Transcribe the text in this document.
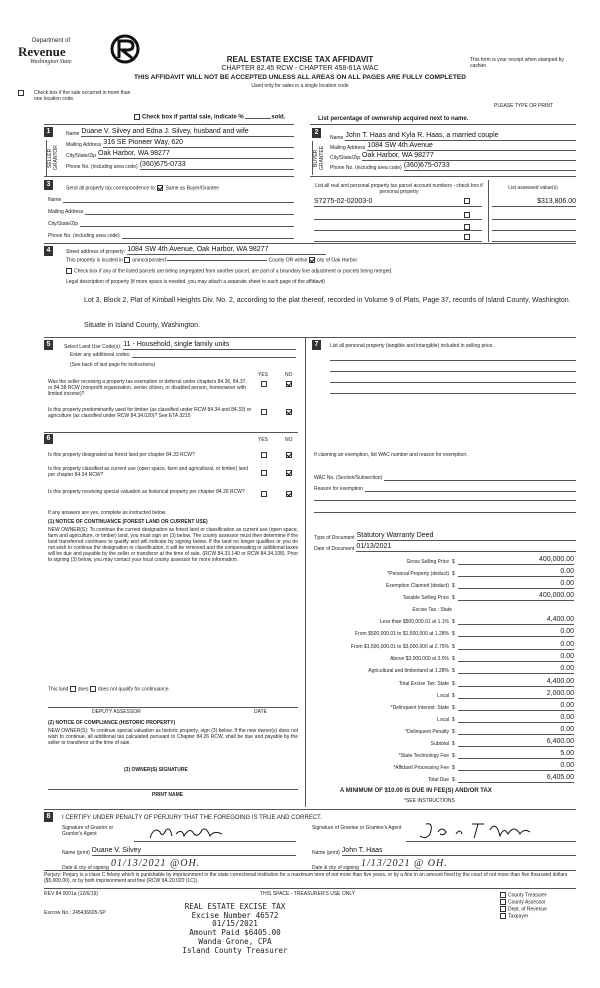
Department of
Revenue
Washington State	REAL ESTATE EXCISE TAX AFFIDAVIT
CHAPTER 82.45 RCW - CHAPTER 458-61A WAC
THIS AFFIDAVIT WILL NOT BE ACCEPTED UNLESS ALL AREAS ON ALL PAGES ARE FULLY COMPLETED
Used only for sales in a single location code
This form is your receipt when stamped by cashier.
Check box if the sale occurred in more than one location code.
PLEASE TYPE OR PRINT
Check box if partial sale, indicate %	sold.	List percentage of ownership acquired next to name.
1
SELLER GRANTOR
Name Duane V. Silvey and Edna J. Silvey, husband and wife
Mailing Address 316 SE Pioneer Way, 620
City/State/Zip Oak Harbor, WA 98277
Phone No. (including area code) (360)675-0733
2
BUYER GRANTEE
Name John T. Haas and Kyla R. Haas, a married couple
Mailing Address 1084 SW 4th Avenue
City/State/Zip Oak Harbor, WA 98277
Phone No. (including area code) (360)675-0733
3
Send all property tax correspondence to: Same as Buyer/Grantee
Name
Mailing Address
City/State/Zip
Phone No. (including area code)
List all real and personal property tax parcel account numbers - check box if personal property
List assessed value(s)
S7275-02-02003-0	$313,806.00
4	Street address of property: 1084 SW 4th Avenue, Oak Harbor, WA 98277
This property is located in unincorporated	County OR within city of Oak Harbor
Check box if any of the listed parcels are being segregated from another parcel, are part of a boundary line adjustment or parcels being merged.
Legal description of property (if more space is needed, you may attach a separate sheet to each page of the affidavit)
Lot 3, Block 2, Plat of Kimball Heights Div. No. 2, according to the plat thereof, recorded in Volume 9 of Plats, Page 37, records of Island County, Washington.
Situate in Island County, Washington.
5	Select Land Use Code(s): 11 - Household, single family units
Enter any additional codes:
(See back of last page for instructions)
YES	NO
Was the seller receiving a property tax exemption or deferral under chapters 84.36, 84.37, or 84.38 RCW (nonprofit organization, senior citizen, or disabled person, homeowner with limited income)?
Is this property predominantly used for timber (as classified under RCW 84.34 and 84.33) or agriculture (as classified under RCW 84.34.020)? See ETA 3215
6	YES	NO
Is this property designated as forest land per chapter 84.33 RCW?
Is this property classified as current use (open space, farm and agricultural, or timber) land per chapter 84.34 RCW?
Is this property receiving special valuation as historical property per chapter 84.26 RCW?
If any answers are yes, complete as instructed below.
(1) NOTICE OF CONTINUANCE (FOREST LAND OR CURRENT USE)
NEW OWNER(S): To continue the current designation as forest land or classification as current use (open space, farm and agriculture, or timber) land, you must sign on (3) below. The county assessor must then determine if the land transferred continues to qualify and will indicate by signing below. If the land no longer qualifies or you do not wish to continue the designation or classification, it will be removed and the compensating or additional taxes will be due and payable by the seller or transferor at the time of sale. (RCW 84.33.140 or RCW 84.34.108). Prior to signing (3) below, you may contact your local county assessor for more information.
This land does does not qualify for continuance.
DEPUTY ASSESSOR	DATE
(2) NOTICE OF COMPLIANCE (HISTORIC PROPERTY)
NEW OWNER(S): To continue special valuation as historic property, sign (3) below. If the new owner(s) does not wish to continue, all additional tax calculated pursuant to Chapter 84.26 RCW, shall be due and payable by the seller or transferor at the time of sale.
(3) OWNER(S) SIGNATURE
PRINT NAME
7	List all personal property (tangible and intangible) included in selling price.
If claiming an exemption, list WAC number and reason for exemption:
WAC No. (Section/Subsection)
Reason for exemption
Type of Document Statutory Warranty Deed
Date of Document 01/13/2021
Gross Selling Price $	400,000.00
*Personal Property (deduct) $	0.00
Exemption Claimed (deduct) $	0.00
Taxable Selling Price $	400,000.00
Excise Tax : State
Less than $500,000.01 at 1.1% $	4,400.00
From $500,000.01 to $1,500,000 at 1.28% $	0.00
From $1,500,000.01 to $3,000,000 at 2.75% $	0.00
Above $3,000,000 at 3.0% $	0.00
Agricultural and timberland at 1.28% $	0.00
Total Excise Tax: State $	4,400.00
Local $	2,000.00
*Delinquent Interest: State $	0.00
Local $	0.00
*Delinquent Penalty $	0.00
Subtotal $	6,400.00
*State Technology Fee $	5.00
*Affidavit Processing Fee $	0.00
Total Due $	6,405.00
A MINIMUM OF $10.00 IS DUE IN FEE(S) AND/OR TAX
*SEE INSTRUCTIONS
8	I CERTIFY UNDER PENALTY OF PERJURY THAT THE FOREGOING IS TRUE AND CORRECT.
Signature of Grantor or Grantor's Agent
Name (print) Duane V. Silvey
Date & city of signing 01/13/2021 @OH.
Signature of Grantee or Grantee's Agent
Name (print) John T. Haas
Date & city of signing 1/13/2021 @ OH.
Perjury: Perjury is a class C felony which is punishable by imprisonment in the state correctional institution for a maximum term of not more than five years, or by a fine in an amount fixed by the court of not more than five thousand dollars ($5,000.00), or by both imprisonment and fine (RCW 9A.20.020 (1C)).
REV 84 0001a (12/6/19)	THIS SPACE - TREASURER'S USE ONLY
Escrow No.: 245436605-SP
REAL ESTATE EXCISE TAX
Excise Number 46572
01/15/2021
Amount Paid $6405.00
Wanda Grone, CPA
Island County Treasurer
County Treasurer
County Assessor
Dept. of Revenue
Taxpayer
